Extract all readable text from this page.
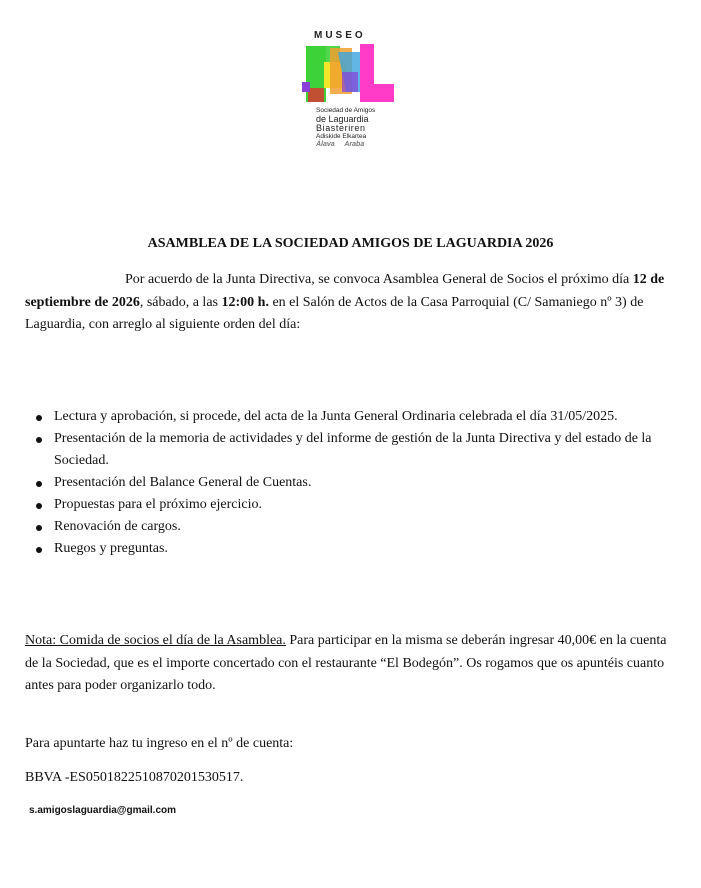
MUSEO
Sociedad de Amigos
de Laguardia
Biasteriren
Adiskide Elkartea
Álava Araba
ASAMBLEA DE LA SOCIEDAD AMIGOS DE LAGUARDIA 2026
Por acuerdo de la Junta Directiva, se convoca Asamblea General de Socios el próximo día 12 de septiembre de 2026, sábado, a las 12:00 h. en el Salón de Actos de la Casa Parroquial (C/ Samaniego nº 3) de Laguardia, con arreglo al siguiente orden del día:
Lectura y aprobación, si procede, del acta de la Junta General Ordinaria celebrada el día 31/05/2025.
Presentación de la memoria de actividades y del informe de gestión de la Junta Directiva y del estado de la Sociedad.
Presentación del Balance General de Cuentas.
Propuestas para el próximo ejercicio.
Renovación de cargos.
Ruegos y preguntas.
Nota: Comida de socios el día de la Asamblea. Para participar en la misma se deberán ingresar 40,00€ en la cuenta de la Sociedad, que es el importe concertado con el restaurante “El Bodegón”. Os rogamos que os apuntéis cuanto antes para poder organizarlo todo.
Para apuntarte haz tu ingreso en el nº de cuenta:
BBVA -ES0501822510870201530517.
s.amigoslaguardia@gmail.com
